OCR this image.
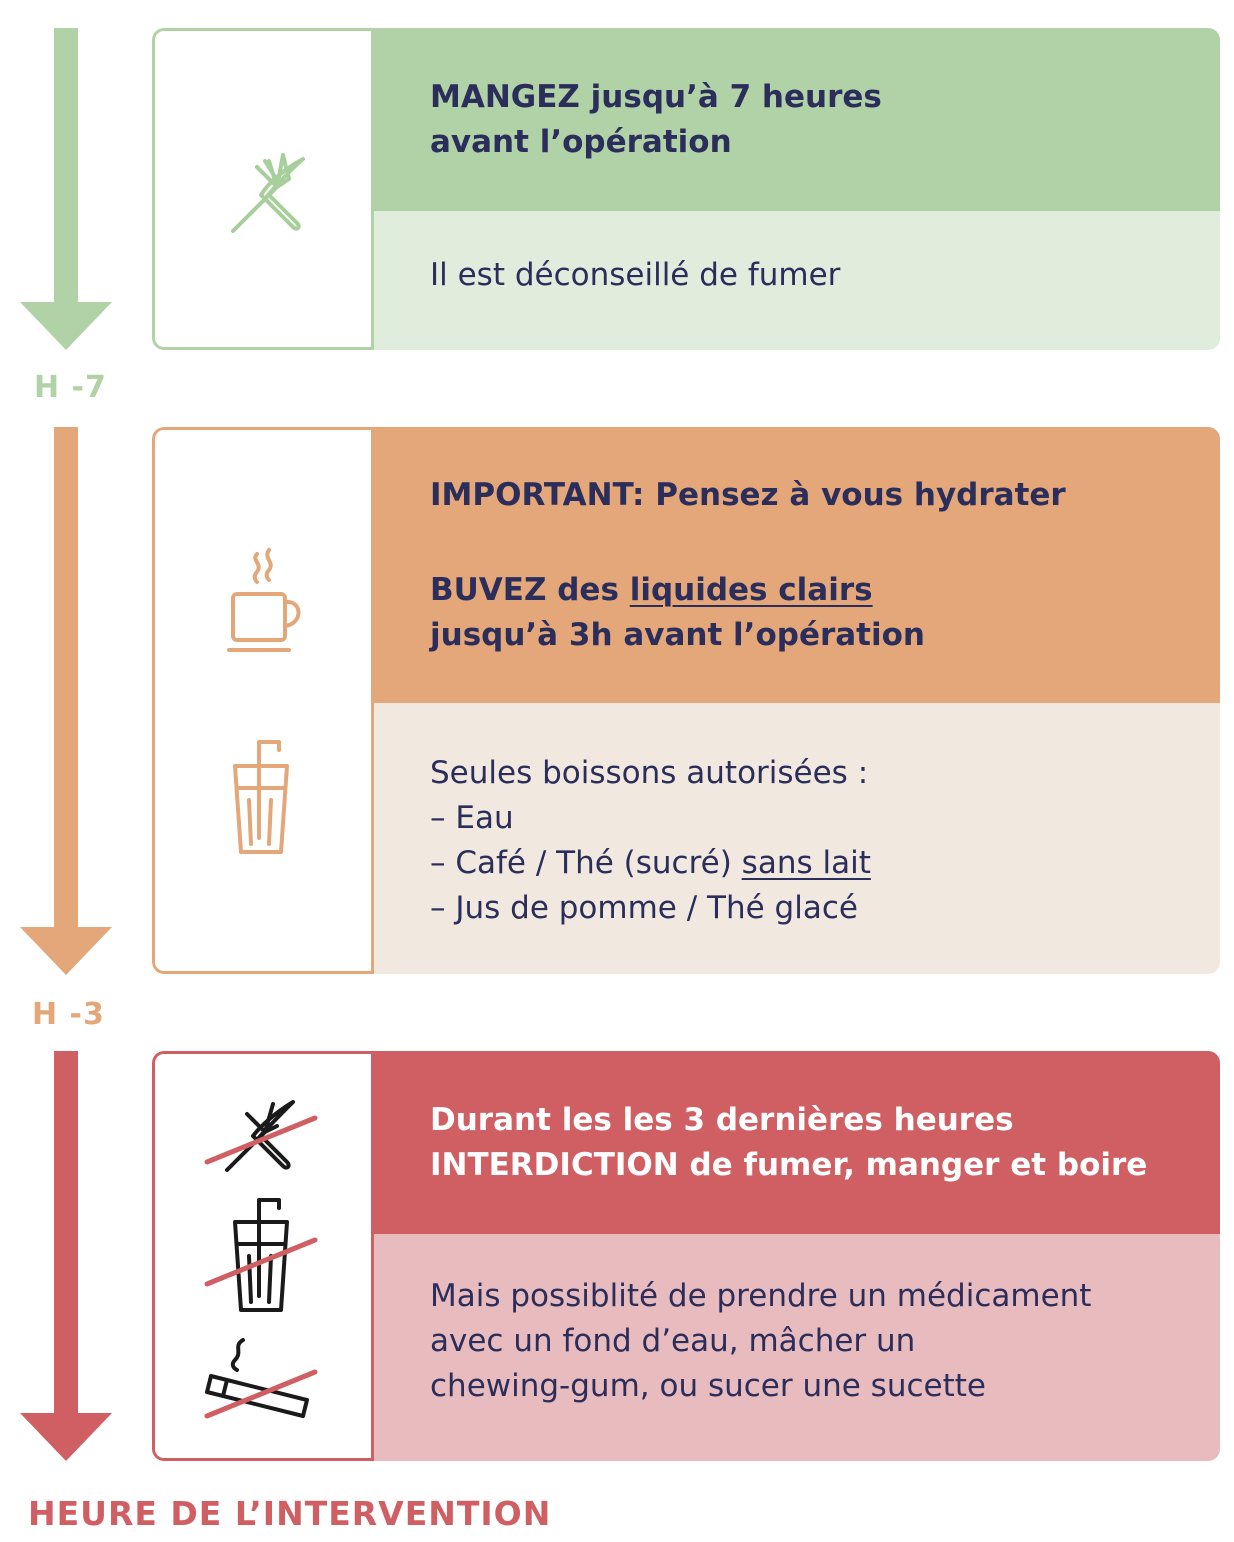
H -7
H -3
HEURE DE L’INTERVENTION
MANGEZ jusqu’à 7 heures
avant l’opération
Il est déconseillé de fumer
IMPORTANT: Pensez à vous hydrater
BUVEZ des liquides clairs
jusqu’à 3h avant l’opération
Seules boissons autorisées :
– Eau
– Café / Thé (sucré) sans lait
– Jus de pomme / Thé glacé
Durant les les 3 dernières heures
INTERDICTION de fumer, manger et boire
Mais possiblité de prendre un médicament
avec un fond d’eau, mâcher un
chewing-gum, ou sucer une sucette
